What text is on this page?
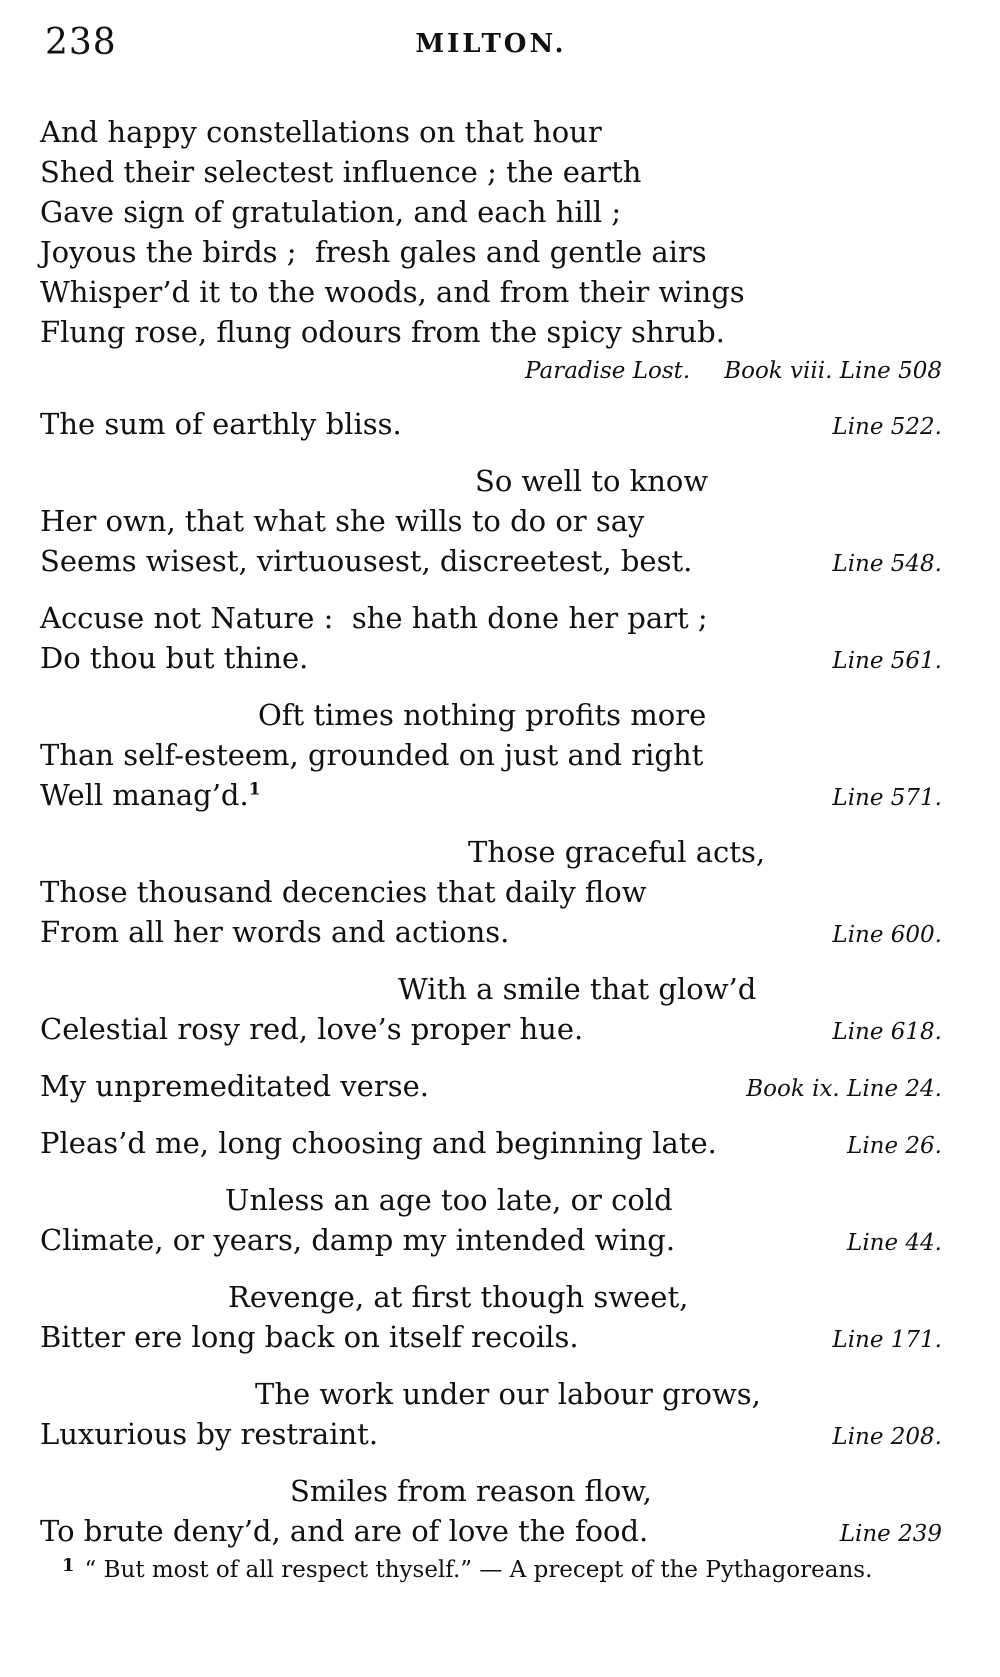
238	MILTON.
And happy constellations on that hour
Shed their selectest influence ; the earth
Gave sign of gratulation, and each hill ;
Joyous the birds ;  fresh gales and gentle airs
Whisper’d it to the woods, and from their wings
Flung rose, flung odours from the spicy shrub.
Paradise Lost. Book viii. Line 508
The sum of earthly bliss.	Line 522.
So well to know
Her own, that what she wills to do or say
Seems wisest, virtuousest, discreetest, best.	Line 548.
Accuse not Nature :  she hath done her part ;
Do thou but thine.	Line 561.
Oft times nothing profits more
Than self-esteem, grounded on just and right
Well manag’d.$^1$	Line 571.
Those graceful acts,
Those thousand decencies that daily flow
From all her words and actions.	Line 600.
With a smile that glow’d
Celestial rosy red, love’s proper hue.	Line 618.
My unpremeditated verse.	Book ix. Line 24.
Pleas’d me, long choosing and beginning late.	Line 26.
Unless an age too late, or cold
Climate, or years, damp my intended wing.	Line 44.
Revenge, at first though sweet,
Bitter ere long back on itself recoils.	Line 171.
The work under our labour grows,
Luxurious by restraint.	Line 208.
Smiles from reason flow,
To brute deny’d, and are of love the food.	Line 239
$^1$ “ But most of all respect thyself.” — A precept of the Pythagoreans.
